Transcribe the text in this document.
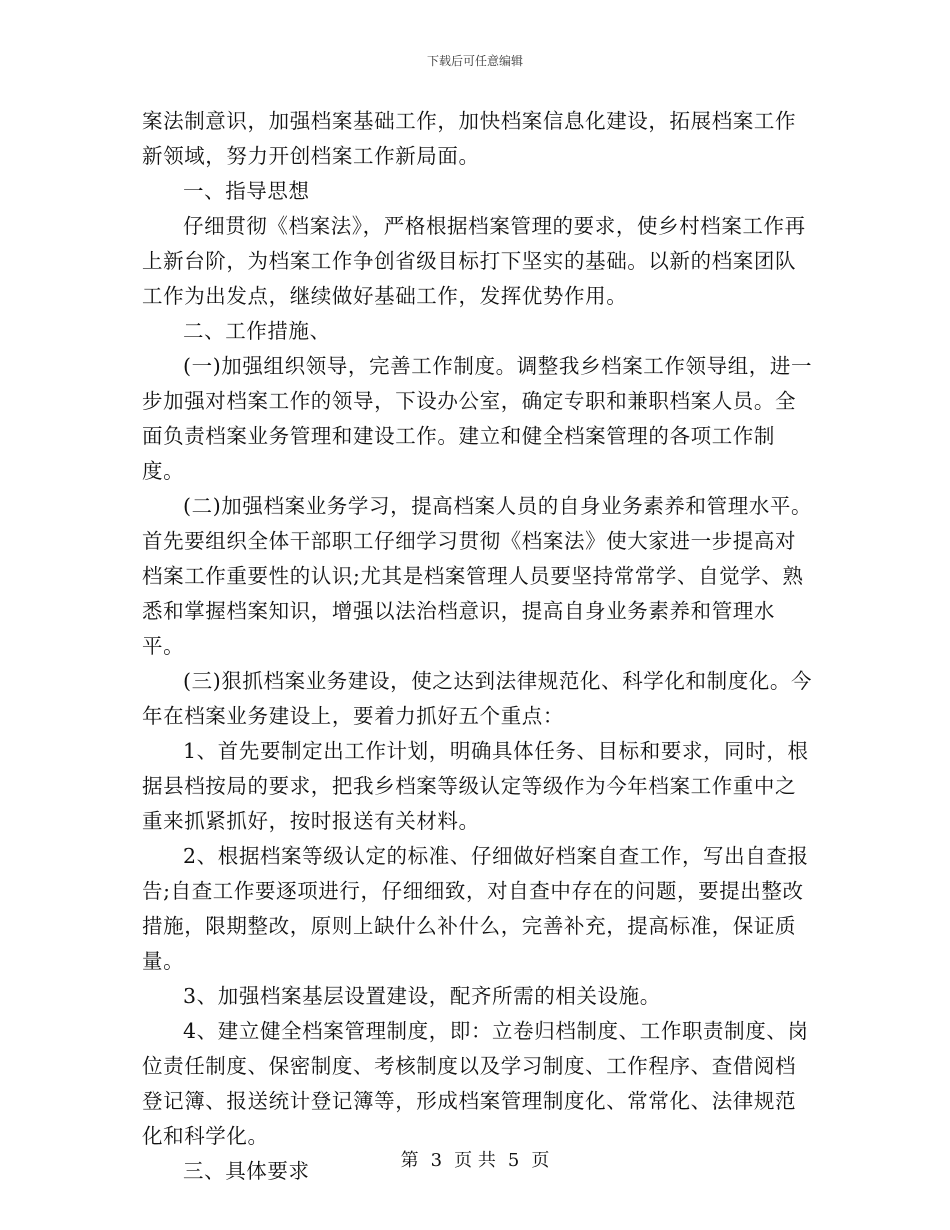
下载后可任意编辑

案法制意识，加强档案基础工作，加快档案信息化建设，拓展档案工作新领域，努力开创档案工作新局面。

一、指导思想

仔细贯彻《档案法》，严格根据档案管理的要求，使乡村档案工作再上新台阶，为档案工作争创省级目标打下坚实的基础。以新的档案团队工作为出发点，继续做好基础工作，发挥优势作用。

二、工作措施、

(一)加强组织领导，完善工作制度。调整我乡档案工作领导组，进一步加强对档案工作的领导，下设办公室，确定专职和兼职档案人员。全面负责档案业务管理和建设工作。建立和健全档案管理的各项工作制度。

(二)加强档案业务学习，提高档案人员的自身业务素养和管理水平。首先要组织全体干部职工仔细学习贯彻《档案法》使大家进一步提高对档案工作重要性的认识;尤其是档案管理人员要坚持常常学、自觉学、熟悉和掌握档案知识，增强以法治档意识，提高自身业务素养和管理水平。

(三)狠抓档案业务建设，使之达到法律规范化、科学化和制度化。今年在档案业务建设上，要着力抓好五个重点：

1、首先要制定出工作计划，明确具体任务、目标和要求，同时，根据县档按局的要求，把我乡档案等级认定等级作为今年档案工作重中之重来抓紧抓好，按时报送有关材料。

2、根据档案等级认定的标准、仔细做好档案自查工作，写出自查报告;自查工作要逐项进行，仔细细致，对自查中存在的问题，要提出整改措施，限期整改，原则上缺什么补什么，完善补充，提高标准，保证质量。

3、加强档案基层设置建设，配齐所需的相关设施。

4、建立健全档案管理制度，即：立卷归档制度、工作职责制度、岗位责任制度、保密制度、考核制度以及学习制度、工作程序、查借阅档登记簿、报送统计登记簿等，形成档案管理制度化、常常化、法律规范化和科学化。

三、具体要求	第 3 页 共 5 页
